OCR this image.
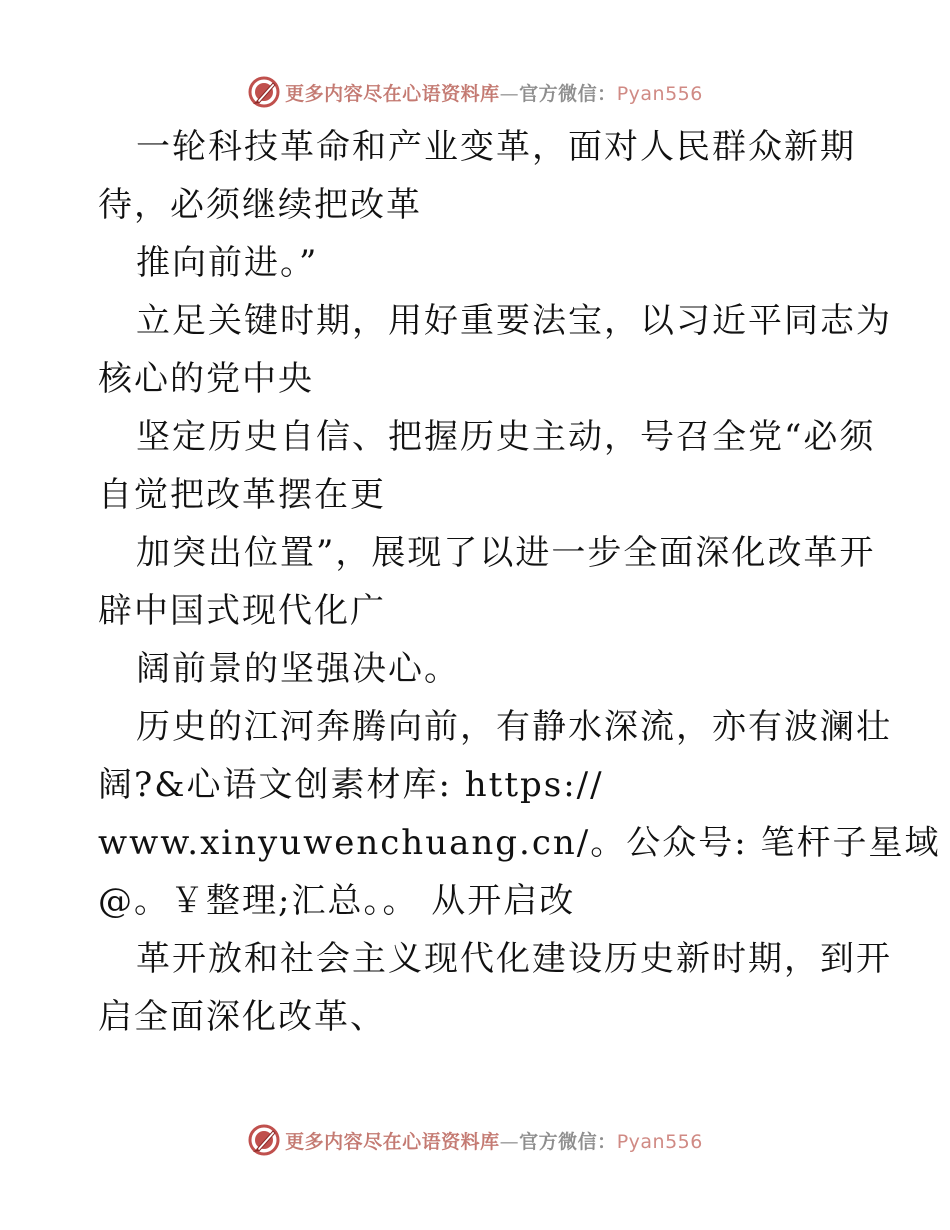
更多内容尽在心语资料库—官方微信：Pyan556
一轮科技革命和产业变革，面对人民群众新期
待，必须继续把改革
推向前进。”
立足关键时期，用好重要法宝，以习近平同志为
核心的党中央
坚定历史自信、把握历史主动，号召全党“必须
自觉把改革摆在更
加突出位置”，展现了以进一步全面深化改革开
辟中国式现代化广
阔前景的坚强决心。
历史的江河奔腾向前，有静水深流，亦有波澜壮
阔?&心语文创素材库: https://
www.xinyuwenchuang.cn/。公众号: 笔杆子星域
@。￥整理;汇总。。 从开启改
革开放和社会主义现代化建设历史新时期，到开
启全面深化改革、
更多内容尽在心语资料库—官方微信：Pyan556
